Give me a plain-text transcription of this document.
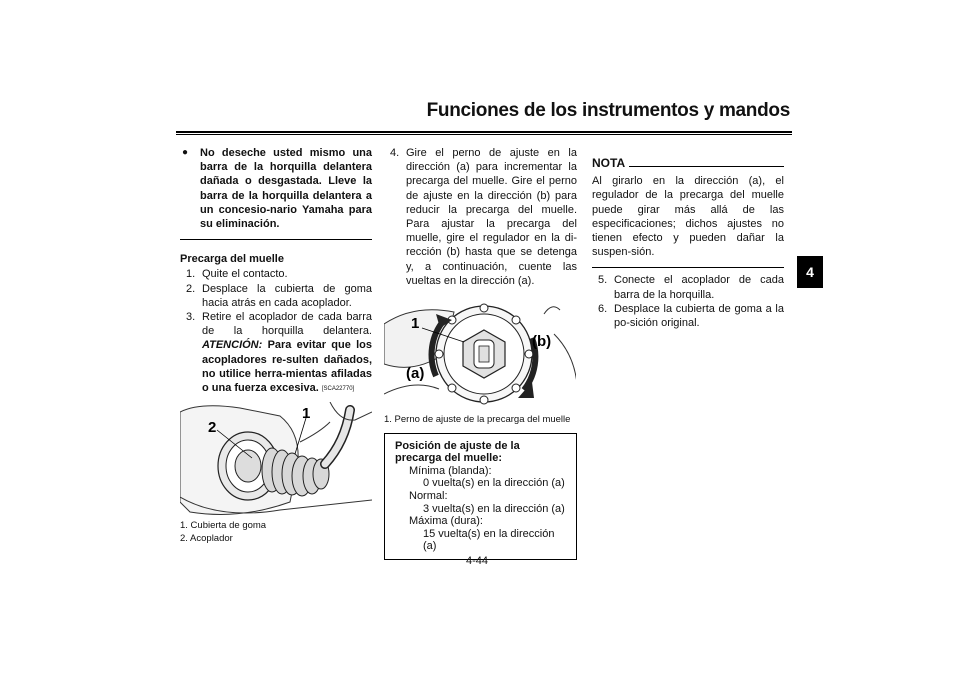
Funciones de los instrumentos y mandos
4
● No deseche usted mismo una barra de la horquilla delantera dañada o desgastada. Lleve la barra de la horquilla delantera a un concesio-nario Yamaha para su eliminación.
Precarga del muelle
1. Quite el contacto.
2. Desplace la cubierta de goma hacia atrás en cada acoplador.
3. Retire el acoplador de cada barra de la horquilla delantera. ATENCIÓN: Para evitar que los acopladores re-sulten dañados, no utilice herra-mientas afiladas o una fuerza excesiva. [SCA22770]
2
1
1. Cubierta de goma
2. Acoplador
4. Gire el perno de ajuste en la dirección (a) para incrementar la precarga del muelle. Gire el perno de ajuste en la dirección (b) para reducir la precarga del muelle. Para ajustar la precarga del muelle, gire el regulador en la di-rección (b) hasta que se detenga y, a continuación, cuente las vueltas en la dirección (a).
1
(a)
(b)
1. Perno de ajuste de la precarga del muelle
Posición de ajuste de la precarga del muelle:
Mínima (blanda):
0 vuelta(s) en la dirección (a)
Normal:
3 vuelta(s) en la dirección (a)
Máxima (dura):
15 vuelta(s) en la dirección (a)
NOTA
Al girarlo en la dirección (a), el regulador de la precarga del muelle puede girar más allá de las especificaciones; dichos ajustes no tienen efecto y pueden dañar la suspen-sión.
5. Conecte el acoplador de cada barra de la horquilla.
6. Desplace la cubierta de goma a la po-sición original.
4-44
